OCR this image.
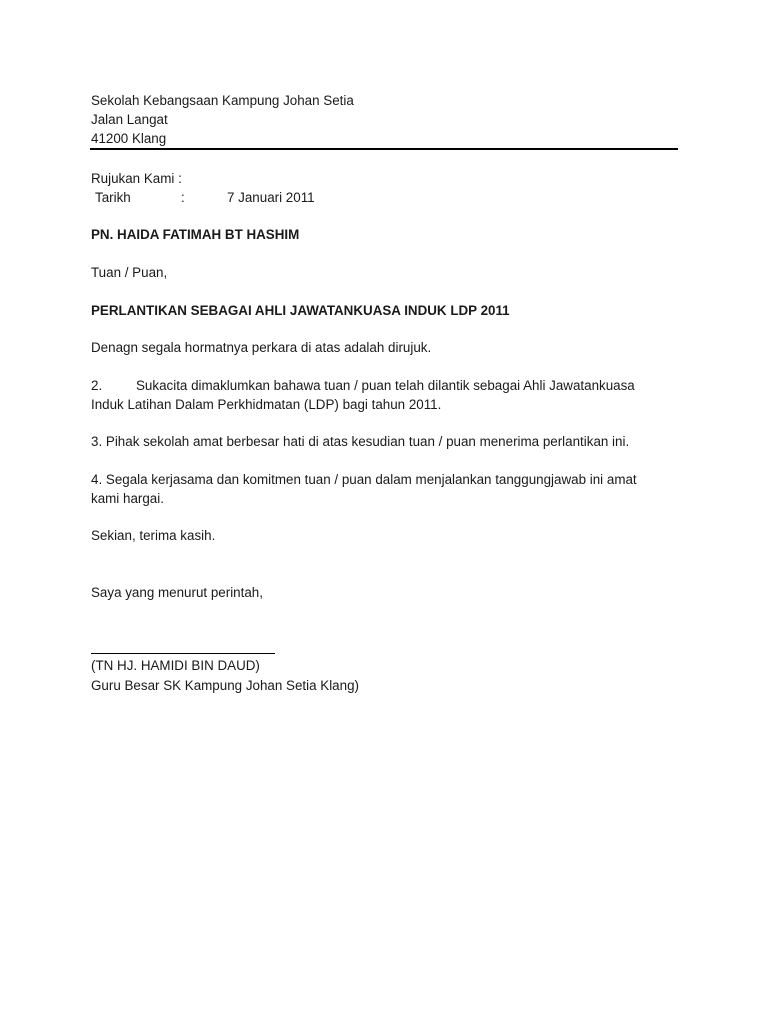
Sekolah Kebangsaan Kampung Johan Setia
Jalan Langat
41200 Klang
Rujukan Kami :
Tarikh	:	7 Januari 2011
PN. HAIDA FATIMAH BT HASHIM
Tuan / Puan,
PERLANTIKAN SEBAGAI AHLI JAWATANKUASA INDUK LDP 2011
Denagn segala hormatnya perkara di atas adalah dirujuk.
2.	Sukacita dimaklumkan bahawa tuan / puan telah dilantik sebagai Ahli Jawatankuasa
Induk Latihan Dalam Perkhidmatan (LDP) bagi tahun 2011.
3. Pihak sekolah amat berbesar hati di atas kesudian tuan / puan menerima perlantikan ini.
4. Segala kerjasama dan komitmen tuan / puan dalam menjalankan tanggungjawab ini amat
kami hargai.
Sekian, terima kasih.
Saya yang menurut perintah,
(TN HJ. HAMIDI BIN DAUD)
Guru Besar SK Kampung Johan Setia Klang)
